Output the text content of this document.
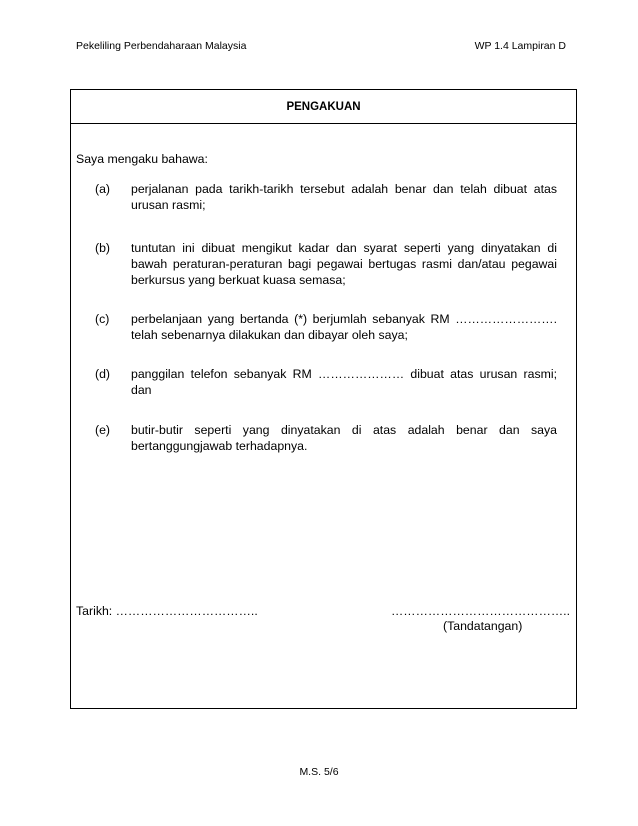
Pekeliling Perbendaharaan Malaysia	WP 1.4 Lampiran D
PENGAKUAN
Saya mengaku bahawa:
(a) perjalanan pada tarikh-tarikh tersebut adalah benar dan telah dibuat atas urusan rasmi;
(b) tuntutan ini dibuat mengikut kadar dan syarat seperti yang dinyatakan di bawah peraturan-peraturan bagi pegawai bertugas rasmi dan/atau pegawai berkursus yang berkuat kuasa semasa;
(c) perbelanjaan yang bertanda (*) berjumlah sebanyak RM ……………………. telah sebenarnya dilakukan dan dibayar oleh saya;
(d) panggilan telefon sebanyak RM ………………… dibuat atas urusan rasmi; dan
(e) butir-butir seperti yang dinyatakan di atas adalah benar dan saya bertanggungjawab terhadapnya.
Tarikh: ……………………………..	……………………………………..
(Tandatangan)
M.S. 5/6
